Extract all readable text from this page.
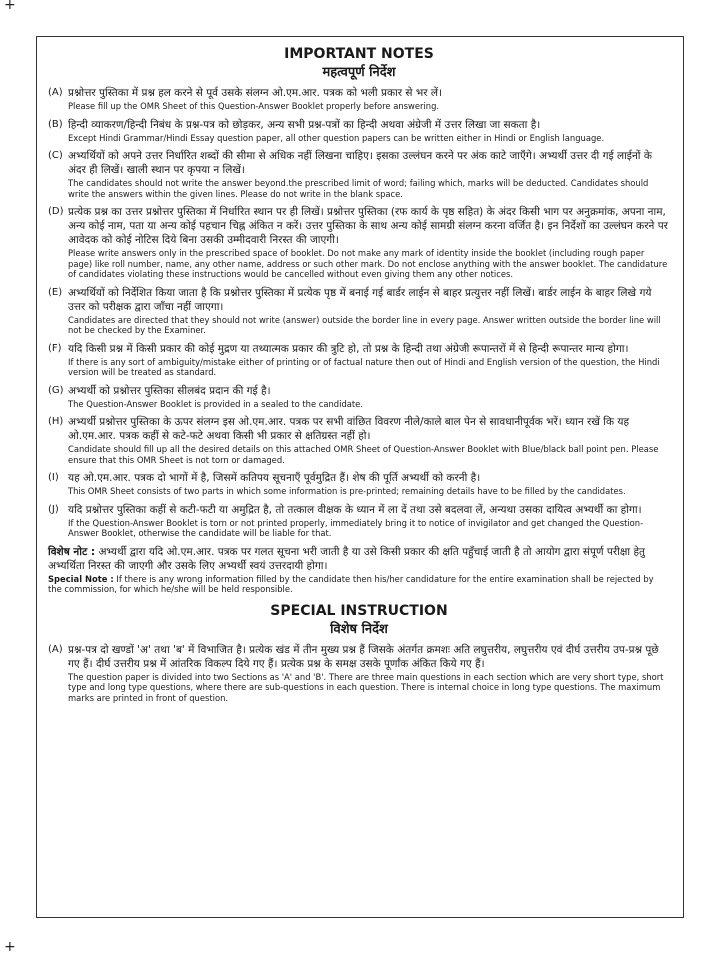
+
+

IMPORTANT NOTES

महत्वपूर्ण निर्देश

(A) प्रश्नोत्तर पुस्तिका में प्रश्न हल करने से पूर्व उसके संलग्न ओ.एम.आर. पत्रक को भली प्रकार से भर लें।

Please fill up the OMR Sheet of this Question-Answer Booklet properly before answering.

(B) हिन्दी व्याकरण/हिन्दी निबंध के प्रश्न-पत्र को छोड़कर, अन्य सभी प्रश्न-पत्रों का हिन्दी अथवा अंग्रेजी में उत्तर लिखा जा सकता है।

Except Hindi Grammar/Hindi Essay question paper, all other question papers can be written either in Hindi or English language.

(C) अभ्यर्थियों को अपने उत्तर निर्धारित शब्दों की सीमा से अधिक नहीं लिखना चाहिए। इसका उल्लंघन करने पर अंक काटे जाएँगे। अभ्यर्थी उत्तर दी गई लाईनों के अंदर ही लिखें। खाली स्थान पर कृपया न लिखें।

The candidates should not write the answer beyond.the prescribed limit of word; failing which, marks will be deducted. Candidates should write the answers within the given lines. Please do not write in the blank space.

(D) प्रत्येक प्रश्न का उत्तर प्रश्नोत्तर पुस्तिका में निर्धारित स्थान पर ही लिखें। प्रश्नोत्तर पुस्तिका (रफ कार्य के पृष्ठ सहित) के अंदर किसी भाग पर अनुक्रमांक, अपना नाम, अन्य कोई नाम, पता या अन्य कोई पहचान चिह्न अंकित न करें। उत्तर पुस्तिका के साथ अन्य कोई सामग्री संलग्न करना वर्जित है। इन निर्देशों का उल्लंघन करने पर आवेदक को कोई नोटिस दिये बिना उसकी उम्मीदवारी निरस्त की जाएगी।

Please write answers only in the prescribed space of booklet. Do not make any mark of identity inside the booklet (including rough paper page) like roll number, name, any other name, address or such other mark. Do not enclose anything with the answer booklet. The candidature of candidates violating these instructions would be cancelled without even giving them any other notices.

(E) अभ्यर्थियों को निर्देशित किया जाता है कि प्रश्नोत्तर पुस्तिका में प्रत्येक पृष्ठ में बनाई गई बार्डर लाईन से बाहर प्रत्युत्तर नहीं लिखें। बार्डर लाईन के बाहर लिखे गये उत्तर को परीक्षक द्वारा जाँचा नहीं जाएगा।

Candidates are directed that they should not write (answer) outside the border line in every page. Answer written outside the border line will not be checked by the Examiner.

(F) यदि किसी प्रश्न में किसी प्रकार की कोई मुद्रण या तथ्यात्मक प्रकार की त्रुटि हो, तो प्रश्न के हिन्दी तथा अंग्रेजी रूपान्तरों में से हिन्दी रूपान्तर मान्य होगा।

If there is any sort of ambiguity/mistake either of printing or of factual nature then out of Hindi and English version of the question, the Hindi version will be treated as standard.

(G) अभ्यर्थी को प्रश्नोत्तर पुस्तिका सीलबंद प्रदान की गई है।

The Question-Answer Booklet is provided in a sealed to the candidate.

(H) अभ्यर्थी प्रश्नोत्तर पुस्तिका के ऊपर संलग्न इस ओ.एम.आर. पत्रक पर सभी वांछित विवरण नीले/काले बाल पेन से सावधानीपूर्वक भरें। ध्यान रखें कि यह ओ.एम.आर. पत्रक कहीं से कटे-फटे अथवा किसी भी प्रकार से क्षतिग्रस्त नहीं हो।

Candidate should fill up all the desired details on this attached OMR Sheet of Question-Answer Booklet with Blue/black ball point pen. Please ensure that this OMR Sheet is not torn or damaged.

(I) यह ओ.एम.आर. पत्रक दो भागों में है, जिसमें कतिपय सूचनाएँ पूर्वमुद्रित हैं। शेष की पूर्ति अभ्यर्थी को करनी है।

This OMR Sheet consists of two parts in which some information is pre-printed; remaining details have to be filled by the candidates.

(J) यदि प्रश्नोत्तर पुस्तिका कहीं से कटी-फटी या अमुद्रित है, तो तत्काल वीक्षक के ध्यान में ला दें तथा उसे बदलवा लें, अन्यथा उसका दायित्व अभ्यर्थी का होगा।

If the Question-Answer Booklet is torn or not printed properly, immediately bring it to notice of invigilator and get changed the Question-Answer Booklet, otherwise the candidate will be liable for that.

विशेष नोट : अभ्यर्थी द्वारा यदि ओ.एम.आर. पत्रक पर गलत सूचना भरी जाती है या उसे किसी प्रकार की क्षति पहुँचाई जाती है तो आयोग द्वारा संपूर्ण परीक्षा हेतु अभ्यर्थिता निरस्त की जाएगी और उसके लिए अभ्यर्थी स्वयं उत्तरदायी होगा।

Special Note : If there is any wrong information filled by the candidate then his/her candidature for the entire examination shall be rejected by the commission, for which he/she will be held responsible.

SPECIAL INSTRUCTION

विशेष निर्देश

(A) प्रश्न-पत्र दो खण्डों 'अ' तथा 'ब' में विभाजित है। प्रत्येक खंड में तीन मुख्य प्रश्न हैं जिसके अंतर्गत क्रमशः अति लघुत्तरीय, लघुत्तरीय एवं दीर्घ उत्तरीय उप-प्रश्न पूछे गए हैं। दीर्घ उत्तरीय प्रश्न में आंतरिक विकल्प दिये गए हैं। प्रत्येक प्रश्न के समक्ष उसके पूर्णांक अंकित किये गए हैं।

The question paper is divided into two Sections as 'A' and 'B'. There are three main questions in each section which are very short type, short type and long type questions, where there are sub-questions in each question. There is internal choice in long type questions. The maximum marks are printed in front of question.
